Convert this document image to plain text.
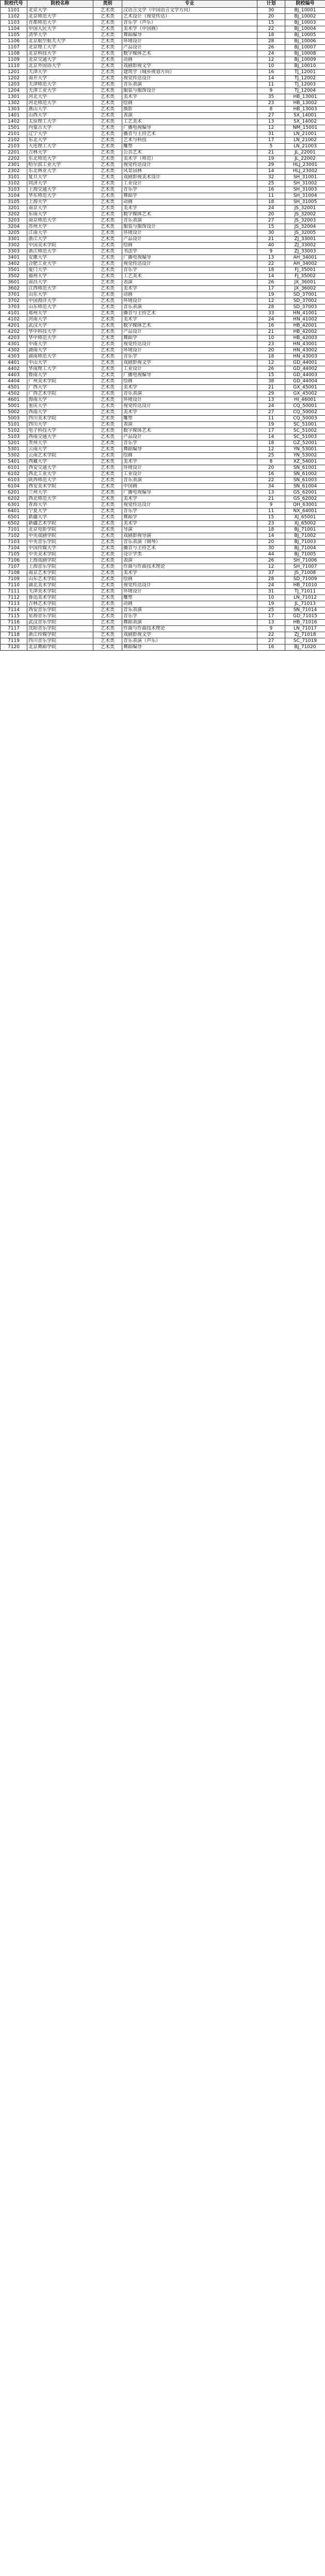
院校代号	院校名称	类别	专业	计划	院校编号
1101	北京大学	艺术类	汉语言文学（中国语言文学方向）	30	BJ_10001
1102	北京师范大学	艺术类	艺术设计（视觉传达）	20	BJ_10002
1103	首都师范大学	艺术类	音乐学（声乐）	15	BJ_10003
1104	中国人民大学	艺术类	美术学（中国画）	22	BJ_10004
1105	清华大学	艺术类	舞蹈编导	18	BJ_10005
1106	北京航空航天大学	艺术类	环境设计	28	BJ_10006
1107	北京理工大学	艺术类	产品设计	26	BJ_10007
1108	北京科技大学	艺术类	数字媒体艺术	24	BJ_10008
1109	北京交通大学	艺术类	动画	12	BJ_10009
1110	北京外国语大学	艺术类	戏剧影视文学	10	BJ_10010
1201	天津大学	艺术类	建筑学（城乡规划方向）	16	TJ_12001
1202	南开大学	艺术类	视觉传达设计	14	TJ_12002
1203	天津师范大学	艺术类	音乐表演	11	TJ_12003
1204	天津工业大学	艺术类	服装与服饰设计	9	TJ_12004
1301	河北大学	艺术类	美术学	35	HB_13001
1302	河北师范大学	艺术类	绘画	23	HB_13002
1303	燕山大学	艺术类	摄影	8	HB_13003
1401	山西大学	艺术类	表演	27	SX_14001
1402	太原理工大学	艺术类	工艺美术	13	SX_14002
1501	内蒙古大学	艺术类	广播电视编导	12	NM_15001
2101	辽宁大学	艺术类	播音与主持艺术	31	LN_21001
2102	东北大学	艺术类	艺术与科技	17	LN_21002
2103	大连理工大学	艺术类	雕塑	5	LN_21003
2201	吉林大学	艺术类	公共艺术	21	JL_22001
2202	东北师范大学	艺术类	美术学（师范）	19	JL_22002
2301	哈尔滨工业大学	艺术类	视觉传达设计	29	HLJ_23001
2302	东北林业大学	艺术类	风景园林	14	HLJ_23002
3101	复旦大学	艺术类	戏剧影视美术设计	32	SH_31001
3102	同济大学	艺术类	工业设计	25	SH_31002
3103	上海交通大学	艺术类	音乐学	16	SH_31003
3104	华东师范大学	艺术类	舞蹈学	11	SH_31004
3105	上海大学	艺术类	动画	18	SH_31005
3201	南京大学	艺术类	美术学	24	JS_32001
3202	东南大学	艺术类	数字媒体艺术	20	JS_32002
3203	南京师范大学	艺术类	音乐表演	27	JS_32003
3204	苏州大学	艺术类	服装与服饰设计	15	JS_32004
3205	江南大学	艺术类	环境设计	30	JS_32005
3301	浙江大学	艺术类	产品设计	21	ZJ_33001
3302	中国美术学院	艺术类	绘画	40	ZJ_33002
3303	浙江师范大学	艺术类	书法学	9	ZJ_33003
3401	安徽大学	艺术类	广播电视编导	13	AH_34001
3402	合肥工业大学	艺术类	视觉传达设计	22	AH_34002
3501	厦门大学	艺术类	音乐学	18	FJ_35001
3502	福州大学	艺术类	工艺美术	14	FJ_35002
3601	南昌大学	艺术类	表演	26	JX_36001
3602	江西师范大学	艺术类	美术学	17	JX_36002
3701	山东大学	艺术类	动画	19	SD_37001
3702	中国海洋大学	艺术类	环境设计	12	SD_37002
3703	山东师范大学	艺术类	音乐表演	28	SD_37003
4101	郑州大学	艺术类	播音与主持艺术	33	HN_41001
4102	河南大学	艺术类	美术学	24	HN_41002
4201	武汉大学	艺术类	数字媒体艺术	16	HB_42001
4202	华中科技大学	艺术类	产品设计	21	HB_42002
4203	华中师范大学	艺术类	舞蹈学	10	HB_42003
4301	中南大学	艺术类	视觉传达设计	23	HN_43001
4302	湖南大学	艺术类	环境设计	20	HN_43002
4303	湖南师范大学	艺术类	音乐学	18	HN_43003
4401	中山大学	艺术类	戏剧影视文学	12	GD_44001
4402	华南理工大学	艺术类	工业设计	26	GD_44002
4403	暨南大学	艺术类	广播电视编导	15	GD_44003
4404	广州美术学院	艺术类	绘画	38	GD_44004
4501	广西大学	艺术类	美术学	21	GX_45001
4502	广西艺术学院	艺术类	音乐表演	29	GX_45002
4601	海南大学	艺术类	环境设计	13	HI_46001
5001	重庆大学	艺术类	视觉传达设计	24	CQ_50001
5002	西南大学	艺术类	美术学	27	CQ_50002
5003	四川美术学院	艺术类	雕塑	11	CQ_50003
5101	四川大学	艺术类	表演	19	SC_51001
5102	电子科技大学	艺术类	数字媒体艺术	17	SC_51002
5103	西南交通大学	艺术类	产品设计	14	SC_51003
5201	贵州大学	艺术类	音乐学	18	GZ_52001
5301	云南大学	艺术类	舞蹈编导	12	YN_53001
5302	云南艺术学院	艺术类	绘画	25	YN_53002
5401	西藏大学	艺术类	美术学	8	XZ_54001
6101	西安交通大学	艺术类	环境设计	20	SN_61001
6102	西北工业大学	艺术类	工业设计	16	SN_61002
6103	陕西师范大学	艺术类	音乐表演	22	SN_61003
6104	西安美术学院	艺术类	中国画	34	SN_61004
6201	兰州大学	艺术类	广播电视编导	13	GS_62001
6202	西北师范大学	艺术类	美术学	21	GS_62002
6301	青海大学	艺术类	视觉传达设计	9	QH_63001
6401	宁夏大学	艺术类	音乐学	11	NX_64001
6501	新疆大学	艺术类	舞蹈学	15	XJ_65001
6502	新疆艺术学院	艺术类	美术学	23	XJ_65002
7101	北京电影学院	艺术类	导演	18	BJ_71001
7102	中央戏剧学院	艺术类	戏剧影视导演	14	BJ_71002
7103	中央音乐学院	艺术类	音乐表演（钢琴）	20	BJ_71003
7104	中国传媒大学	艺术类	播音与主持艺术	30	BJ_71004
7105	中央美术学院	艺术类	设计学类	44	BJ_71005
7106	上海戏剧学院	艺术类	表演	26	SH_71006
7107	上海音乐学院	艺术类	作曲与作曲技术理论	12	SH_71007
7108	南京艺术学院	艺术类	美术学	37	JS_71008
7109	山东艺术学院	艺术类	绘画	28	SD_71009
7110	湖北美术学院	艺术类	视觉传达设计	24	HB_71010
7111	天津美术学院	艺术类	环境设计	31	TJ_71011
7112	鲁迅美术学院	艺术类	雕塑	10	LN_71012
7113	吉林艺术学院	艺术类	动画	19	JL_71013
7114	西安音乐学院	艺术类	音乐表演	25	SN_71014
7115	星海音乐学院	艺术类	音乐学	17	GD_71015
7116	武汉音乐学院	艺术类	舞蹈表演	13	HB_71016
7117	沈阳音乐学院	艺术类	作曲与作曲技术理论	9	LN_71017
7118	浙江传媒学院	艺术类	戏剧影视文学	22	ZJ_71018
7119	四川音乐学院	艺术类	音乐表演（声乐）	27	SC_71019
7120	北京舞蹈学院	艺术类	舞蹈编导	16	BJ_71020
